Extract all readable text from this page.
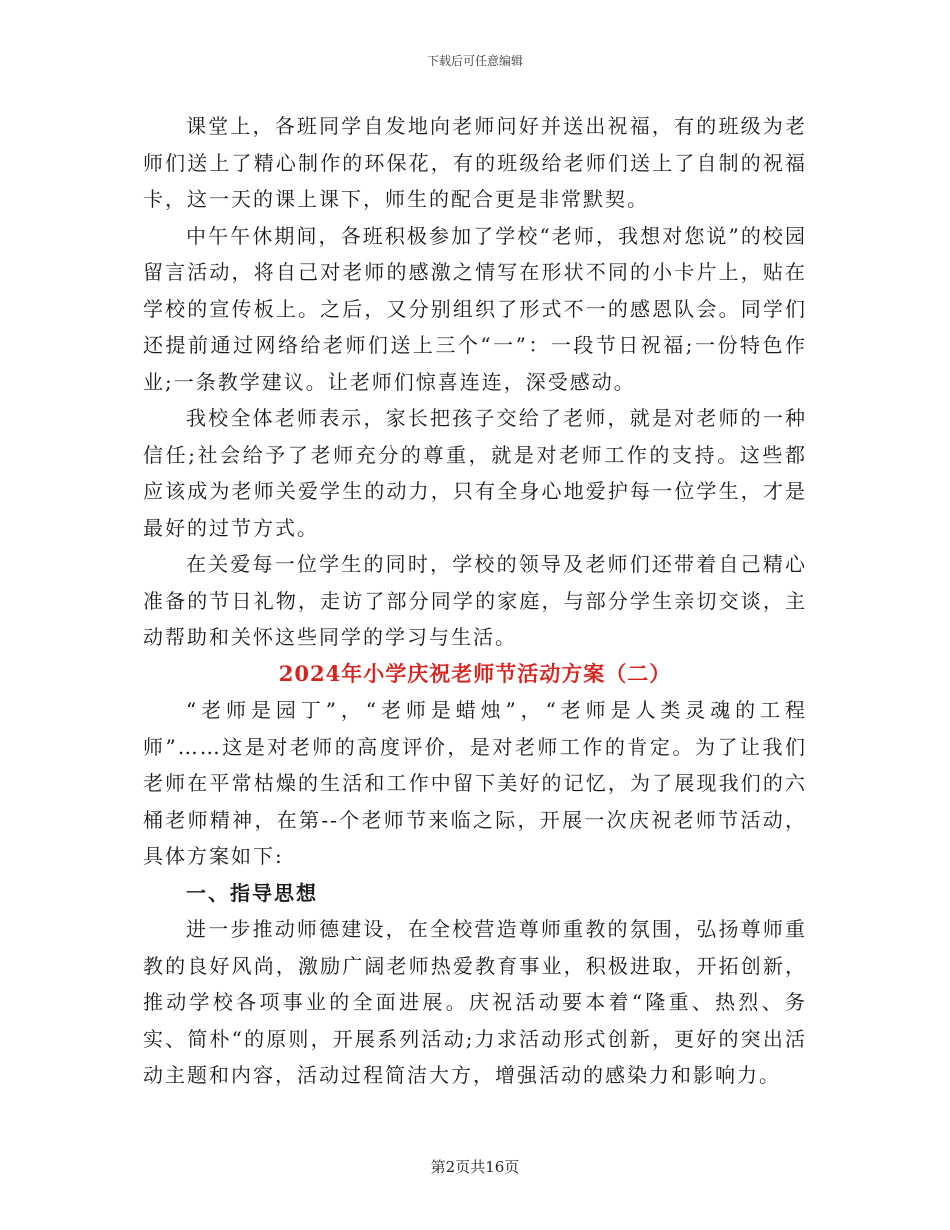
下载后可任意编辑

课堂上，各班同学自发地向老师问好并送出祝福，有的班级为老师们送上了精心制作的环保花，有的班级给老师们送上了自制的祝福卡，这一天的课上课下，师生的配合更是非常默契。

中午午休期间，各班积极参加了学校“老师，我想对您说”的校园留言活动，将自己对老师的感激之情写在形状不同的小卡片上，贴在学校的宣传板上。之后，又分别组织了形式不一的感恩队会。同学们还提前通过网络给老师们送上三个“一”：一段节日祝福;一份特色作业;一条教学建议。让老师们惊喜连连，深受感动。

我校全体老师表示，家长把孩子交给了老师，就是对老师的一种信任;社会给予了老师充分的尊重，就是对老师工作的支持。这些都应该成为老师关爱学生的动力，只有全身心地爱护每一位学生，才是最好的过节方式。

在关爱每一位学生的同时，学校的领导及老师们还带着自己精心准备的节日礼物，走访了部分同学的家庭，与部分学生亲切交谈，主动帮助和关怀这些同学的学习与生活。

2024年小学庆祝老师节活动方案（二）

“老师是园丁”，“老师是蜡烛”，“老师是人类灵魂的工程师”……这是对老师的高度评价，是对老师工作的肯定。为了让我们老师在平常枯燥的生活和工作中留下美好的记忆，为了展现我们的六桶老师精神，在第--个老师节来临之际，开展一次庆祝老师节活动，具体方案如下:

一、指导思想

进一步推动师德建设，在全校营造尊师重教的氛围，弘扬尊师重教的良好风尚，激励广阔老师热爱教育事业，积极进取，开拓创新，推动学校各项事业的全面进展。庆祝活动要本着“隆重、热烈、务实、简朴“的原则，开展系列活动;力求活动形式创新，更好的突出活动主题和内容，活动过程简洁大方，增强活动的感染力和影响力。

第2页共16页
